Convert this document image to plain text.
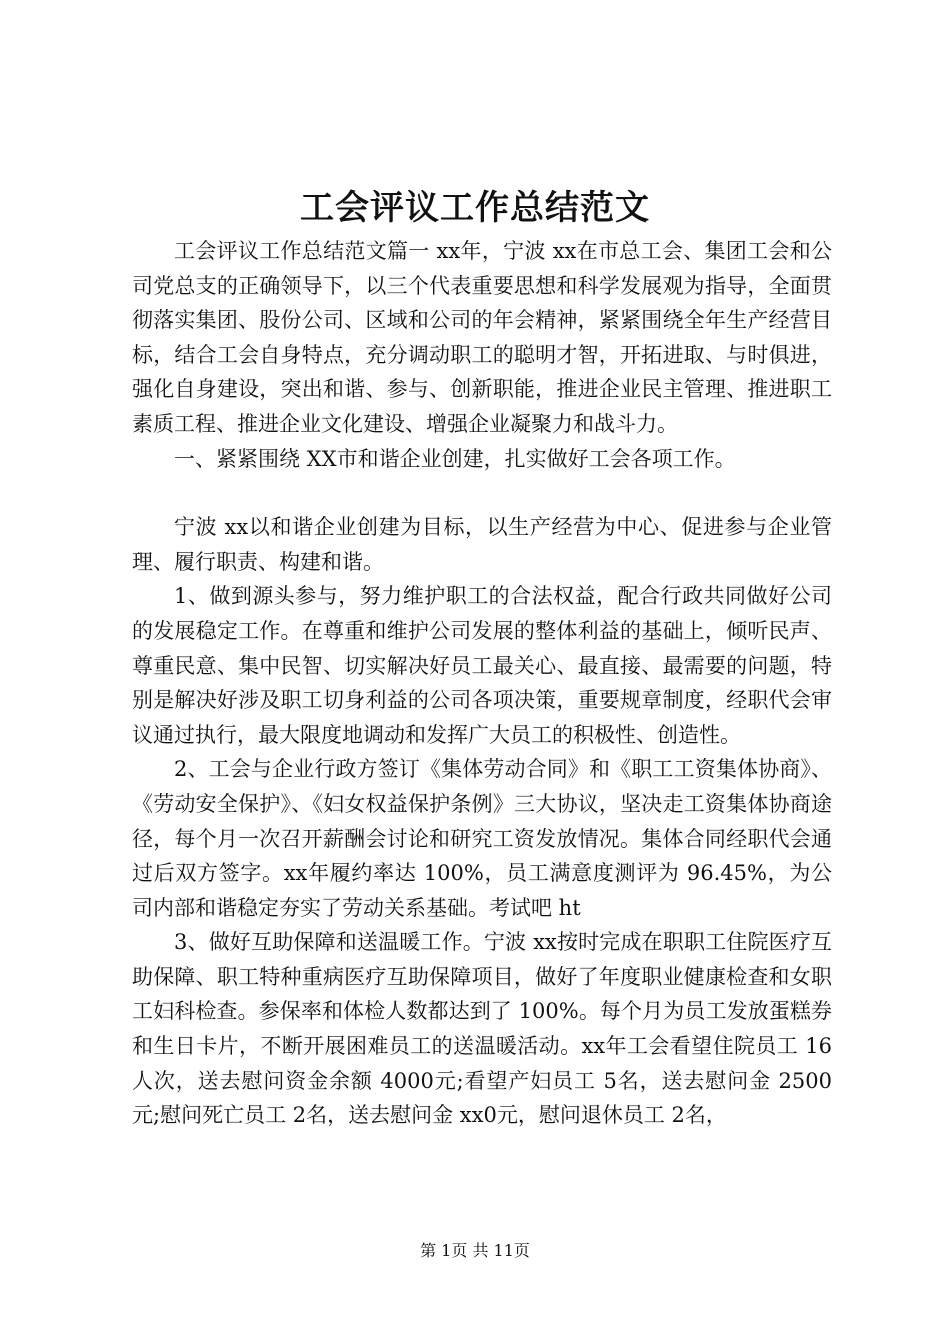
工会评议工作总结范文

工会评议工作总结范文篇一 xx年，宁波 xx在市总工会、集团工会和公司党总支的正确领导下，以三个代表重要思想和科学发展观为指导，全面贯彻落实集团、股份公司、区域和公司的年会精神，紧紧围绕全年生产经营目标，结合工会自身特点，充分调动职工的聪明才智，开拓进取、与时俱进，强化自身建设，突出和谐、参与、创新职能，推进企业民主管理、推进职工素质工程、推进企业文化建设、增强企业凝聚力和战斗力。

一、紧紧围绕 XX市和谐企业创建，扎实做好工会各项工作。

宁波 xx以和谐企业创建为目标，以生产经营为中心、促进参与企业管理、履行职责、构建和谐。

1、做到源头参与，努力维护职工的合法权益，配合行政共同做好公司的发展稳定工作。在尊重和维护公司发展的整体利益的基础上，倾听民声、尊重民意、集中民智、切实解决好员工最关心、最直接、最需要的问题，特别是解决好涉及职工切身利益的公司各项决策，重要规章制度，经职代会审议通过执行，最大限度地调动和发挥广大员工的积极性、创造性。

2、工会与企业行政方签订《集体劳动合同》和《职工工资集体协商》、《劳动安全保护》、《妇女权益保护条例》三大协议，坚决走工资集体协商途径，每个月一次召开薪酬会讨论和研究工资发放情况。集体合同经职代会通过后双方签字。xx年履约率达 100%，员工满意度测评为 96.45%，为公司内部和谐稳定夯实了劳动关系基础。考试吧 ht

3、做好互助保障和送温暖工作。宁波 xx按时完成在职职工住院医疗互助保障、职工特种重病医疗互助保障项目，做好了年度职业健康检查和女职工妇科检查。参保率和体检人数都达到了 100%。每个月为员工发放蛋糕券和生日卡片，不断开展困难员工的送温暖活动。xx年工会看望住院员工 16人次，送去慰问资金余额 4000元;看望产妇员工 5名，送去慰问金 2500元;慰问死亡员工 2名，送去慰问金 xx0元，慰问退休员工 2名，

第 1页 共 11页
